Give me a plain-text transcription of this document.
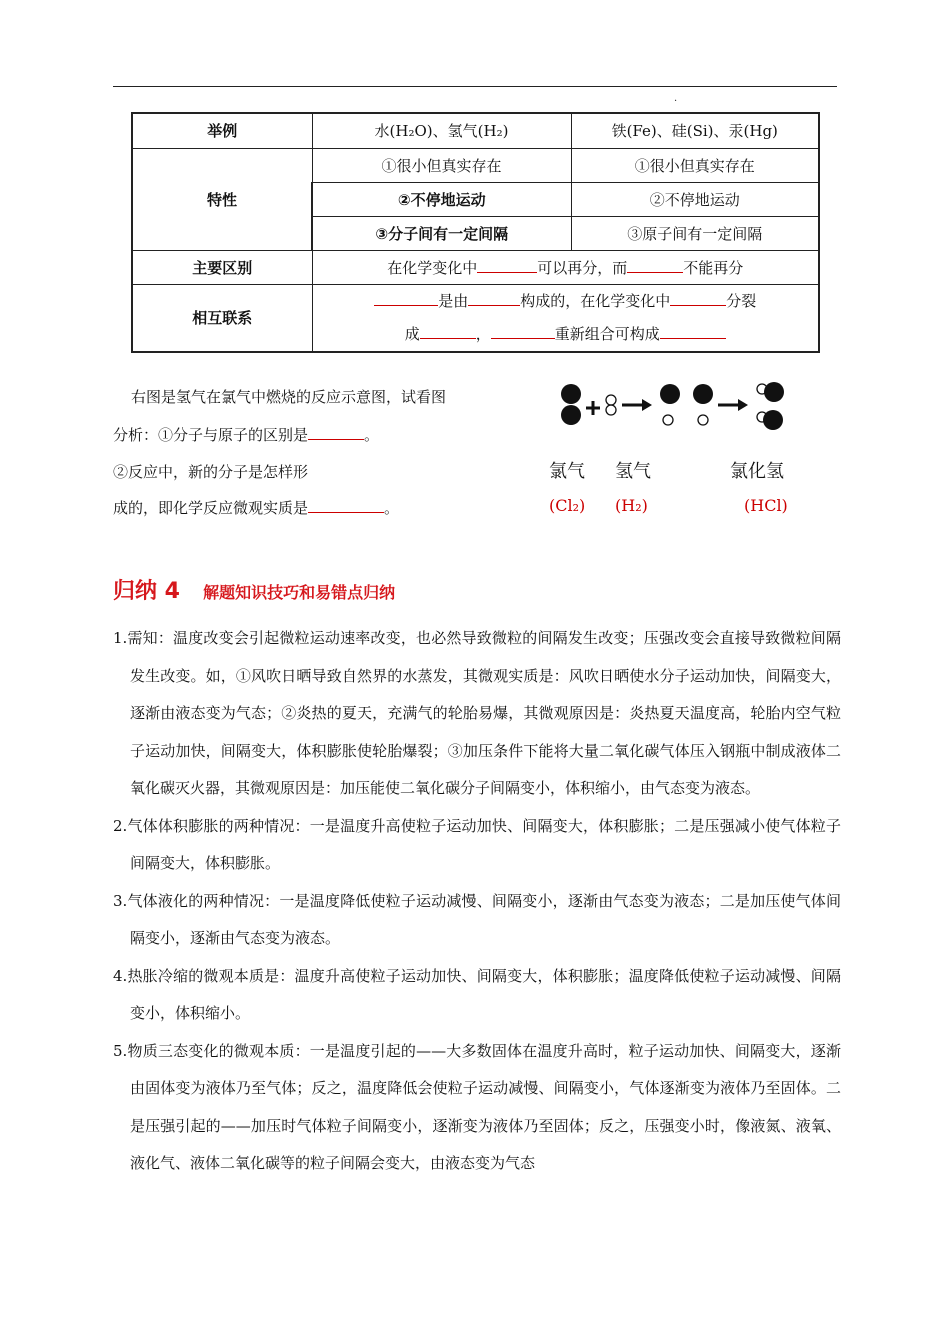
·
举例	水(H₂O)、氢气(H₂)	铁(Fe)、硅(Si)、汞(Hg)
特性	①很小但真实存在	①很小但真实存在
	②不停地运动	②不停地运动
	③分子间有一定间隔	③原子间有一定间隔
主要区别	在化学变化中 可以再分，而 不能再分	
相互联系	是由 构成的，在化学变化中 分裂
成 ， 重新组合可构成	
右图是氢气在氯气中燃烧的反应示意图，试看图
分析：①分子与原子的区别是	。
②反应中，新的分子是怎样形
成的，即化学反应微观实质是	。
氯气 氢气	氯化氢
(Cl₂) (H₂)	(HCl)
归纳 4 解题知识技巧和易错点归纳

1.需知：温度改变会引起微粒运动速率改变，也必然导致微粒的间隔发生改变；压强改变会直接导致微粒间隔发生改变。如，①风吹日晒导致自然界的水蒸发，其微观实质是：风吹日晒使水分子运动加快，间隔变大，逐渐由液态变为气态；②炎热的夏天，充满气的轮胎易爆，其微观原因是：炎热夏天温度高，轮胎内空气粒子运动加快，间隔变大，体积膨胀使轮胎爆裂；③加压条件下能将大量二氧化碳气体压入钢瓶中制成液体二氧化碳灭火器，其微观原因是：加压能使二氧化碳分子间隔变小，体积缩小，由气态变为液态。

2.气体体积膨胀的两种情况：一是温度升高使粒子运动加快、间隔变大，体积膨胀；二是压强减小使气体粒子间隔变大，体积膨胀。

3.气体液化的两种情况：一是温度降低使粒子运动减慢、间隔变小，逐渐由气态变为液态；二是加压使气体间隔变小，逐渐由气态变为液态。

4.热胀冷缩的微观本质是：温度升高使粒子运动加快、间隔变大，体积膨胀；温度降低使粒子运动减慢、间隔变小，体积缩小。

5.物质三态变化的微观本质：一是温度引起的——大多数固体在温度升高时，粒子运动加快、间隔变大，逐渐由固体变为液体乃至气体；反之，温度降低会使粒子运动减慢、间隔变小，气体逐渐变为液体乃至固体。二是压强引起的——加压时气体粒子间隔变小，逐渐变为液体乃至固体；反之，压强变小时，像液氮、液氧、液化气、液体二氧化碳等的粒子间隔会变大，由液态变为气态
